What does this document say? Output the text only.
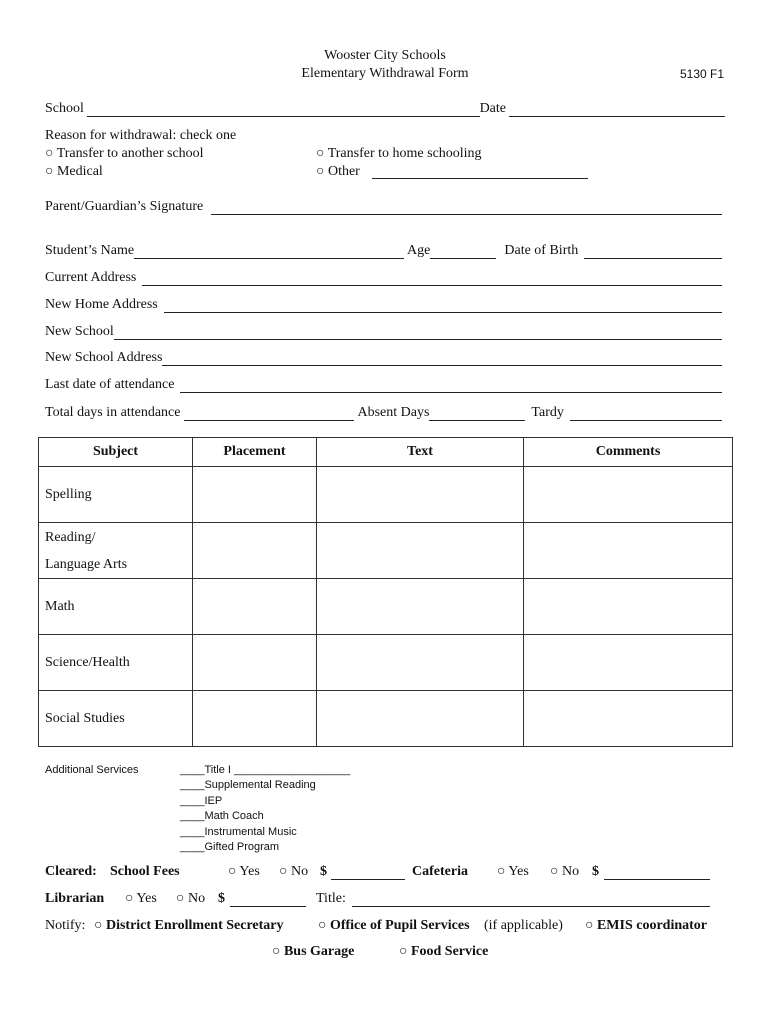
Wooster City Schools
Elementary Withdrawal Form	5130 F1
School	Date
Reason for withdrawal: check one
○ Transfer to another school	○ Transfer to home schooling
○ Medical	○ Other
Parent/Guardian’s Signature
Student’s Name	Age	Date of Birth
Current Address
New Home Address
New School
New School Address
Last date of attendance
Total days in attendance	Absent Days	Tardy
Subject	Placement	Text	Comments
Spelling			

Reading/
Language Arts			

Math			
Science/Health			
Social Studies			
Additional Services	____Title I ___________________
____Supplemental Reading
____IEP
____Math Coach
____Instrumental Music
____Gifted Program
Cleared: School Fees	○ Yes ○ No $	Cafeteria ○ Yes ○ No $
Librarian ○ Yes ○ No $	Title:
Notify: ○ District Enrollment Secretary ○ Office of Pupil Services (if applicable) ○ EMIS coordinator
○ Bus Garage	○ Food Service
